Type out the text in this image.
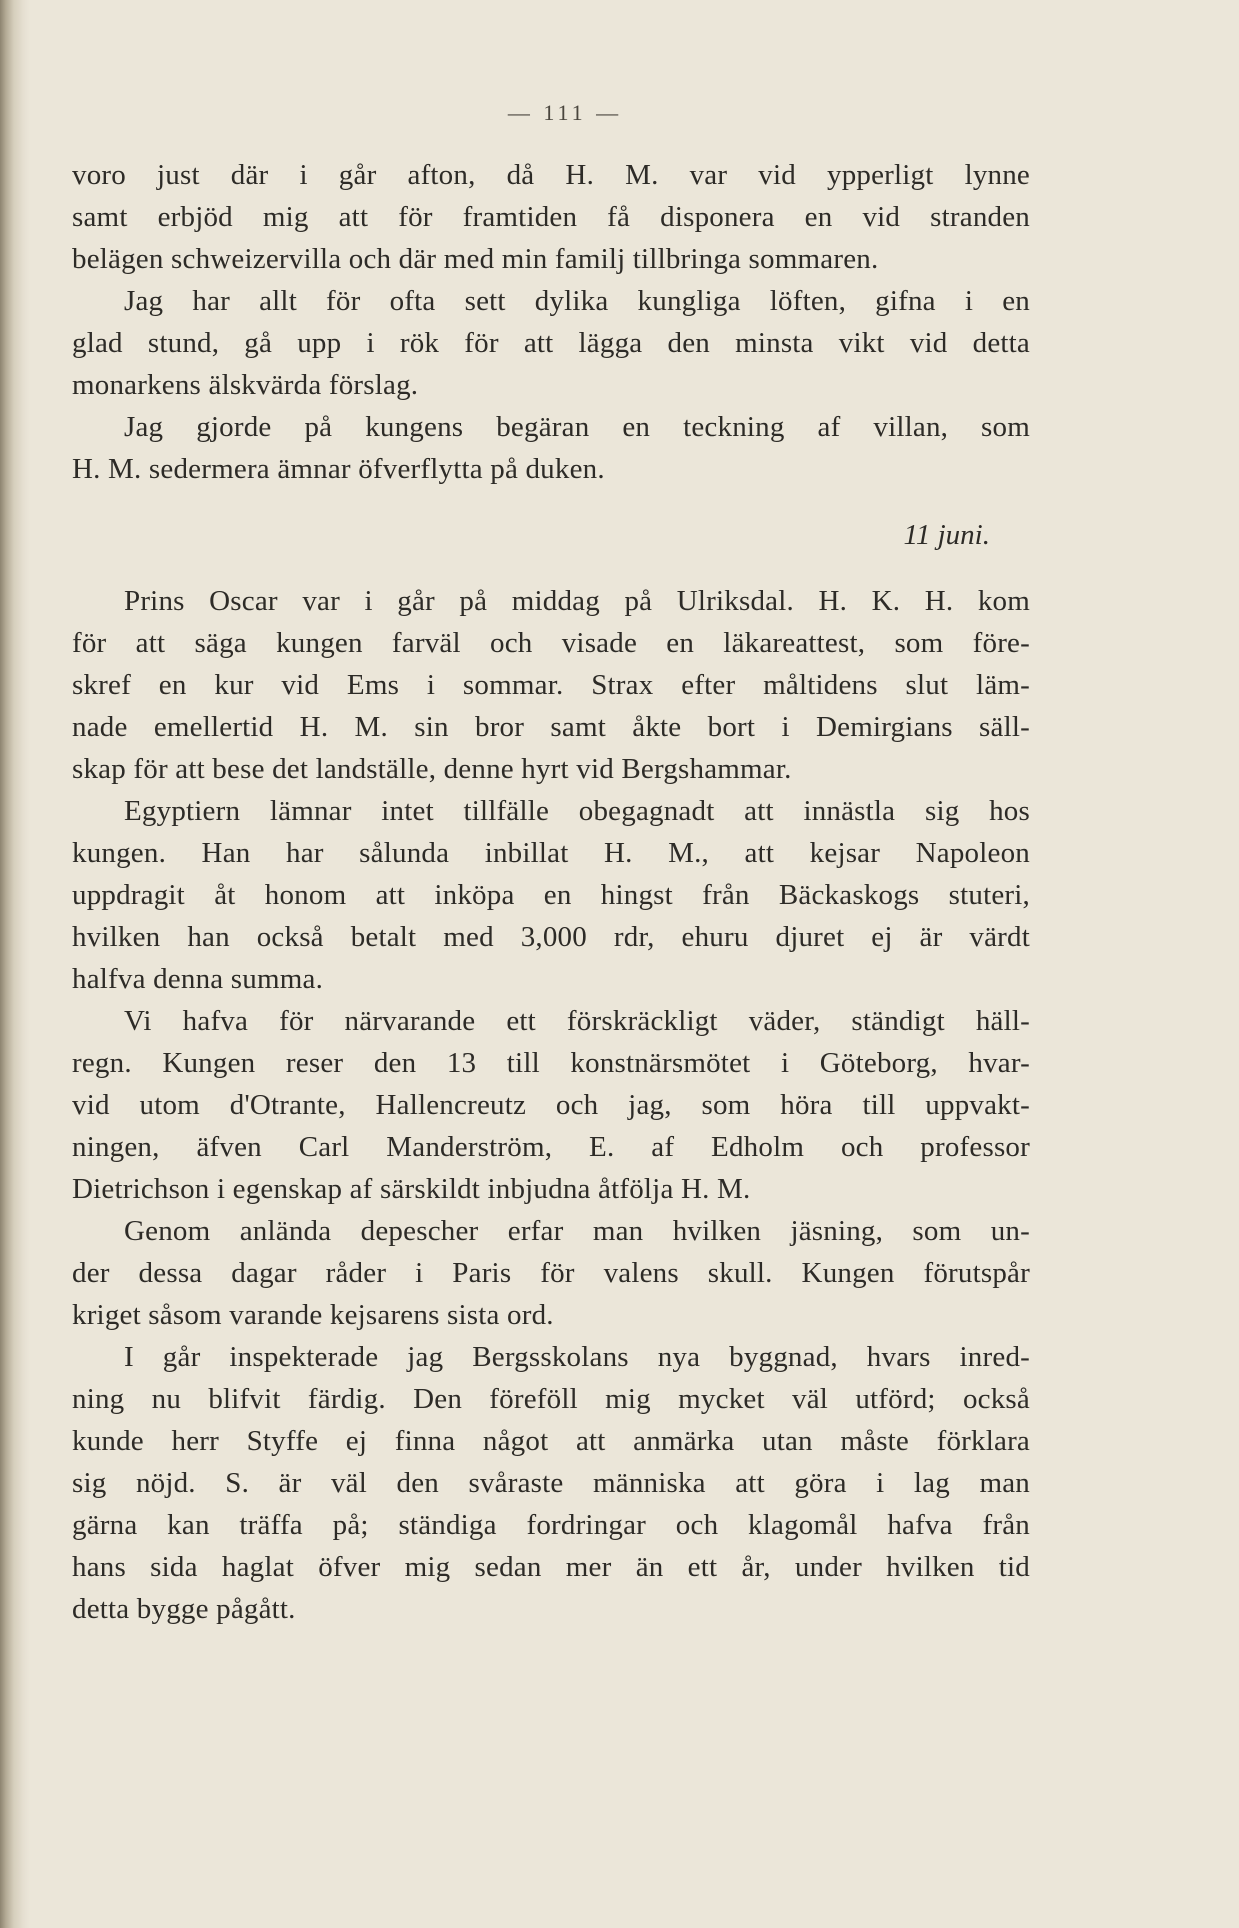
— 111 —
voro just där i går afton, då H. M. var vid ypperligt lynne
samt erbjöd mig att för framtiden få disponera en vid stranden
belägen schweizervilla och där med min familj tillbringa sommaren.
Jag har allt för ofta sett dylika kungliga löften, gifna i en
glad stund, gå upp i rök för att lägga den minsta vikt vid detta
monarkens älskvärda förslag.
Jag gjorde på kungens begäran en teckning af villan, som
H. M. sedermera ämnar öfverflytta på duken.
11 juni.
Prins Oscar var i går på middag på Ulriksdal. H. K. H. kom
för att säga kungen farväl och visade en läkareattest, som före-
skref en kur vid Ems i sommar. Strax efter måltidens slut läm-
nade emellertid H. M. sin bror samt åkte bort i Demirgians säll-
skap för att bese det landställe, denne hyrt vid Bergshammar.
Egyptiern lämnar intet tillfälle obegagnadt att innästla sig hos
kungen. Han har sålunda inbillat H. M., att kejsar Napoleon
uppdragit åt honom att inköpa en hingst från Bäckaskogs stuteri,
hvilken han också betalt med 3,000 rdr, ehuru djuret ej är värdt
halfva denna summa.
Vi hafva för närvarande ett förskräckligt väder, ständigt häll-
regn. Kungen reser den 13 till konstnärsmötet i Göteborg, hvar-
vid utom d'Otrante, Hallencreutz och jag, som höra till uppvakt-
ningen, äfven Carl Manderström, E. af Edholm och professor
Dietrichson i egenskap af särskildt inbjudna åtfölja H. M.
Genom anlända depescher erfar man hvilken jäsning, som un-
der dessa dagar råder i Paris för valens skull. Kungen förutspår
kriget såsom varande kejsarens sista ord.
I går inspekterade jag Bergsskolans nya byggnad, hvars inred-
ning nu blifvit färdig. Den föreföll mig mycket väl utförd; också
kunde herr Styffe ej finna något att anmärka utan måste förklara
sig nöjd. S. är väl den svåraste människa att göra i lag man
gärna kan träffa på; ständiga fordringar och klagomål hafva från
hans sida haglat öfver mig sedan mer än ett år, under hvilken tid
detta bygge pågått.
